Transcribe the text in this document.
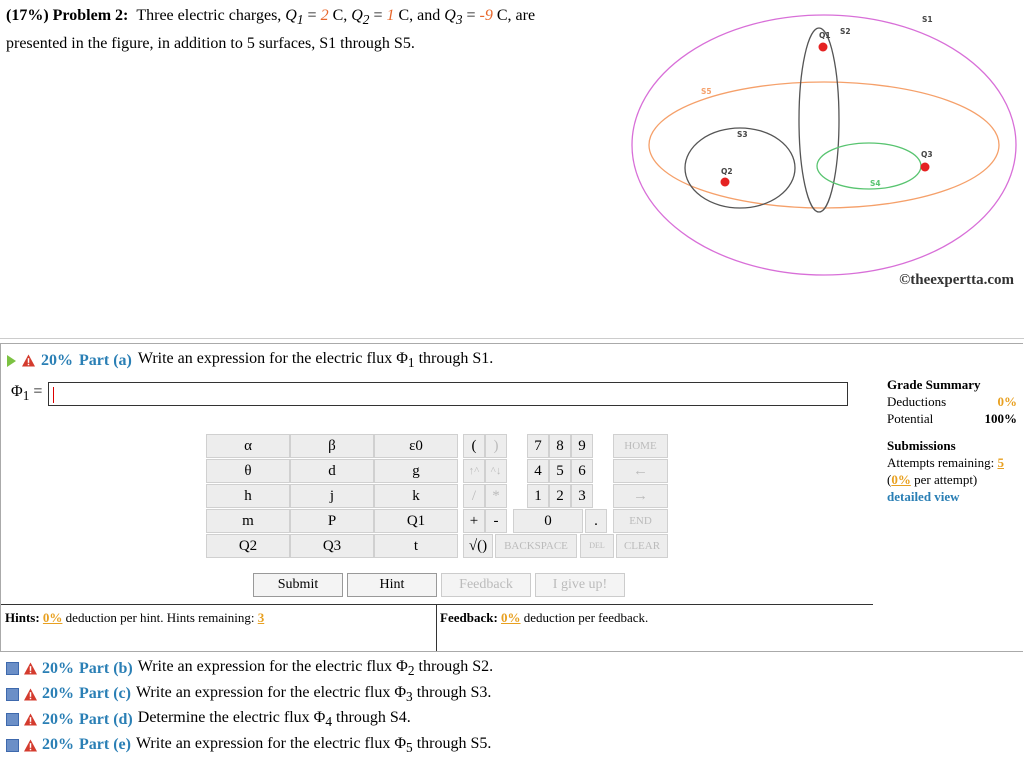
(17%) Problem 2: Three electric charges, $Q_1 = 2$ C, $Q_2 = 1$ C, and $Q_3 = -9$ C, are
presented in the figure, in addition to 5 surfaces, S1 through S5.
S1
S2
S3
S4
S5
Q1
Q2
Q3
©theexpertta.com
20% Part (a) Write an expression for the electric flux $\Phi_1$ through S1.
$\Phi_1$ =
α	β	ε0
θ	d	g
h	j	k
m	P	Q1
Q2	Q3	t
(	)
↑^	^↓
/	*
+	-
√()
7 8 9
4 5 6
1 2 3
0	.
HOME
←
→
END
BACKSPACE	DEL	CLEAR
Submit	Hint	Feedback	I give up!
Hints: 0% deduction per hint. Hints remaining: 3	Feedback: 0% deduction per feedback.
Grade Summary
Deductions	0%
Potential	100%
Submissions
Attempts remaining: 5
(0% per attempt)
detailed view
20% Part (b) Write an expression for the electric flux $\Phi_2$ through S2.
20% Part (c) Write an expression for the electric flux $\Phi_3$ through S3.
20% Part (d) Determine the electric flux $\Phi_4$ through S4.
20% Part (e) Write an expression for the electric flux $\Phi_5$ through S5.
